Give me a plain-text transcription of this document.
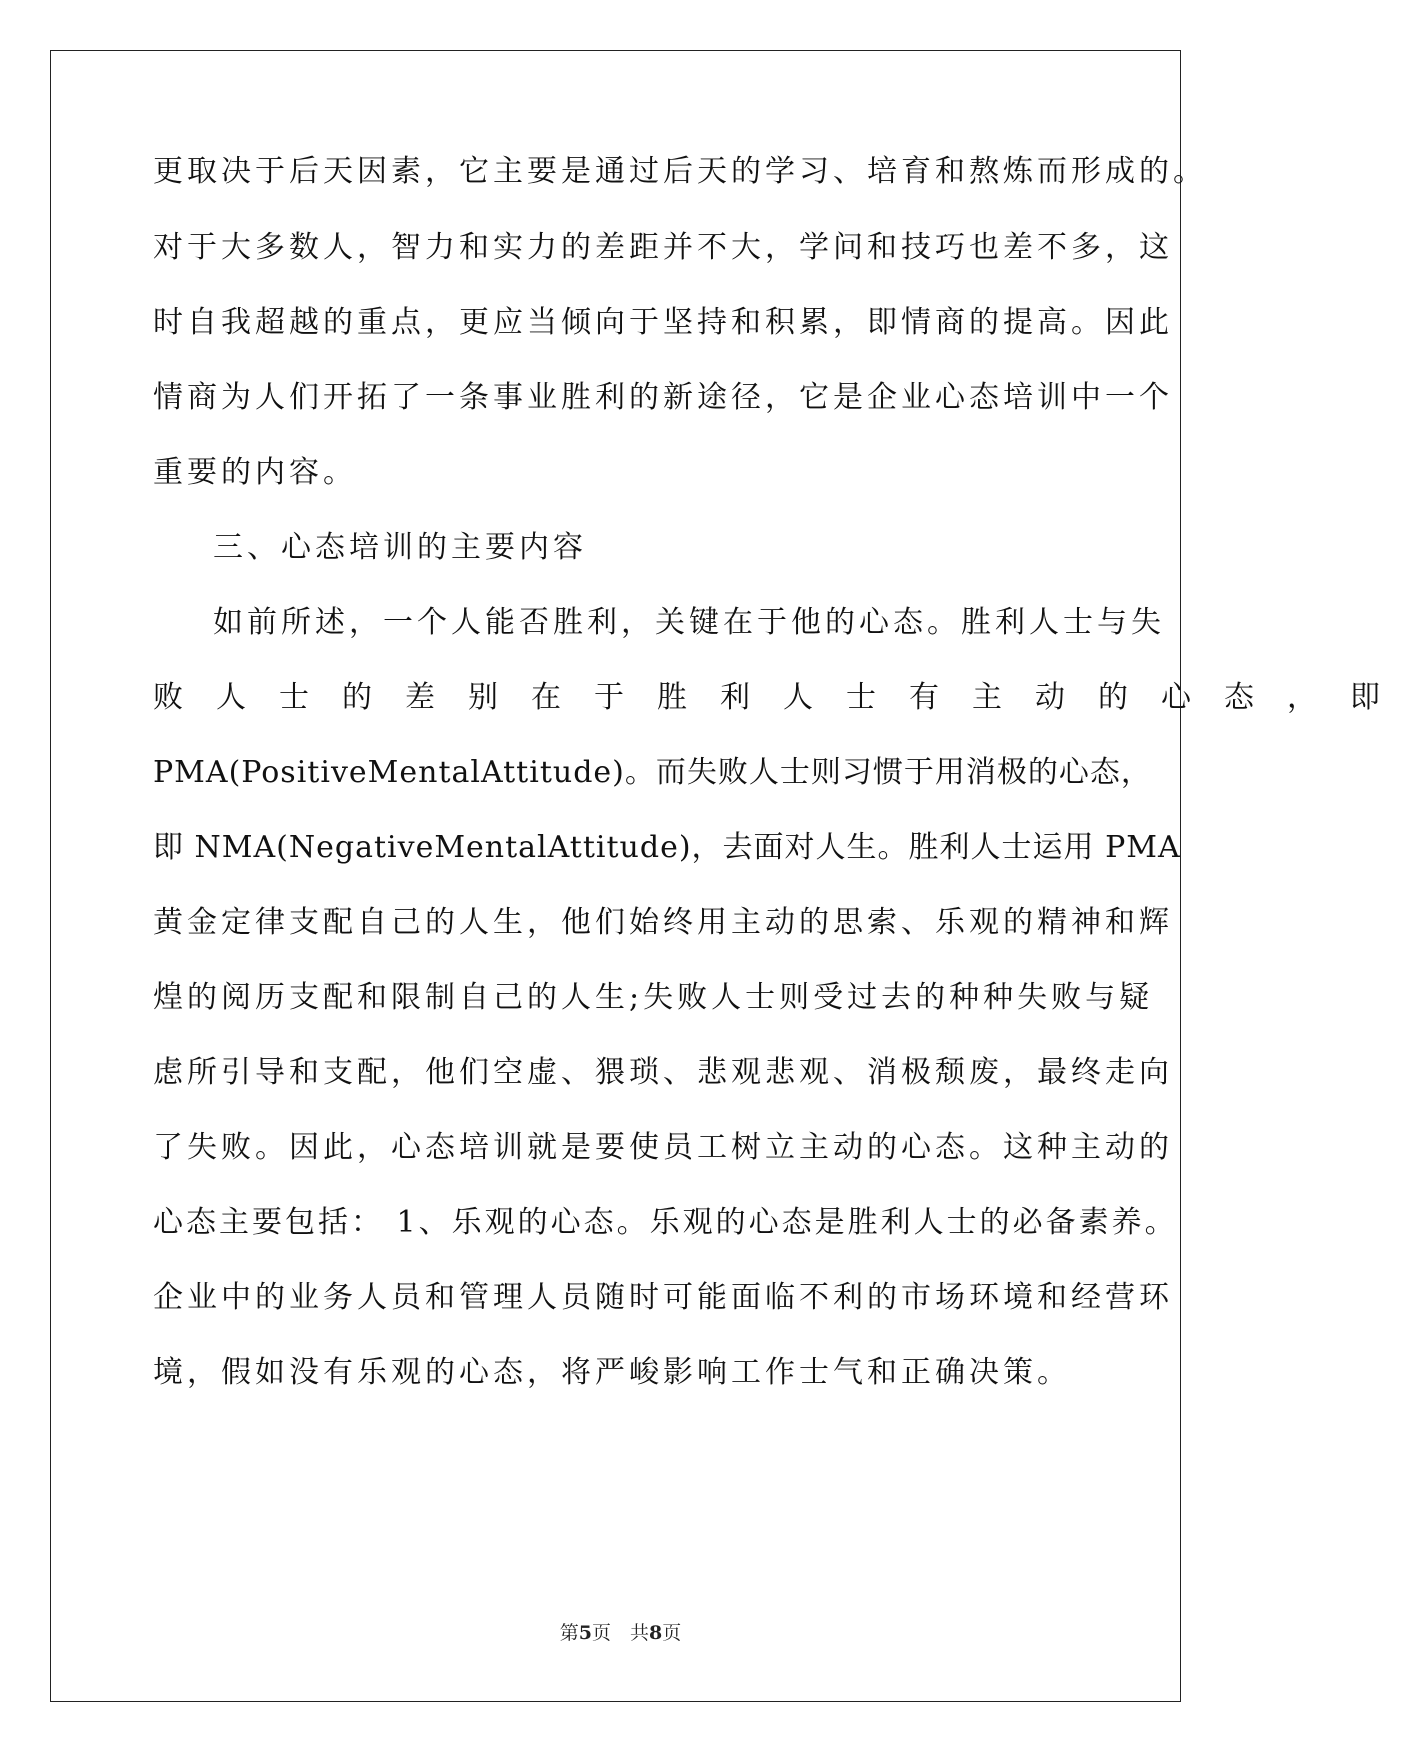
更取决于后天因素，它主要是通过后天的学习、培育和熬炼而形成的。
对于大多数人，智力和实力的差距并不大，学问和技巧也差不多，这
时自我超越的重点，更应当倾向于坚持和积累，即情商的提高。因此
情商为人们开拓了一条事业胜利的新途径，它是企业心态培训中一个
重要的内容。
三、心态培训的主要内容
如前所述，一个人能否胜利，关键在于他的心态。胜利人士与失
败人士的差别在于胜利人士有主动的心态，即
PMA(PositiveMentalAttitude)。而失败人士则习惯于用消极的心态，
即 NMA(NegativeMentalAttitude)，去面对人生。胜利人士运用 PMA
黄金定律支配自己的人生，他们始终用主动的思索、乐观的精神和辉
煌的阅历支配和限制自己的人生;失败人士则受过去的种种失败与疑
虑所引导和支配，他们空虚、猥琐、悲观悲观、消极颓废，最终走向
了失败。因此，心态培训就是要使员工树立主动的心态。这种主动的
心态主要包括： 1、乐观的心态。乐观的心态是胜利人士的必备素养。
企业中的业务人员和管理人员随时可能面临不利的市场环境和经营环
境，假如没有乐观的心态，将严峻影响工作士气和正确决策。
第5页　共8页
